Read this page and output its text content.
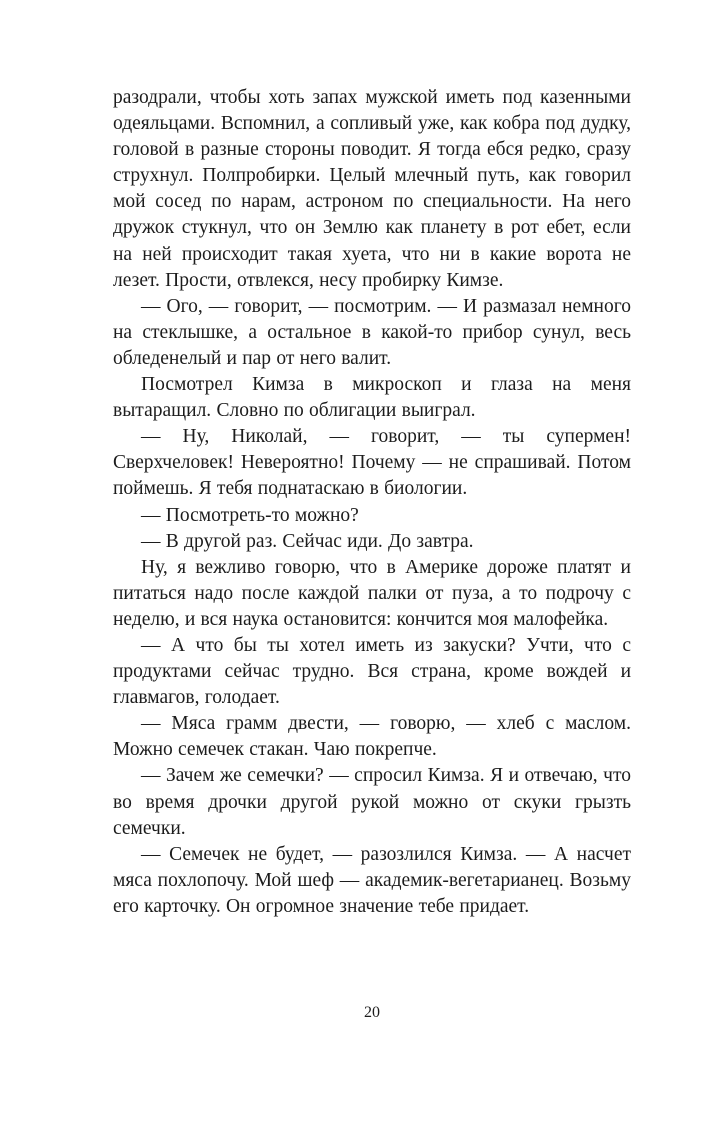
разодрали, чтобы хоть запах мужской иметь под казенными одеяльцами. Вспомнил, а сопливый уже, как кобра под дудку, головой в разные стороны поводит. Я тогда ебся редко, сразу струхнул. Полпробирки. Целый млечный путь, как говорил мой сосед по нарам, астроном по специальности. На него дружок стукнул, что он Землю как планету в рот ебет, если на ней происходит такая хуета, что ни в какие ворота не лезет. Прости, отвлекся, несу пробирку Кимзе.

— Ого, — говорит, — посмотрим. — И размазал немного на стеклышке, а остальное в какой-то прибор сунул, весь обледенелый и пар от него валит.

Посмотрел Кимза в микроскоп и глаза на меня вытаращил. Словно по облигации выиграл.

— Ну, Николай, — говорит, — ты супермен! Сверхчеловек! Невероятно! Почему — не спрашивай. Потом поймешь. Я тебя поднатаскаю в биологии.

— Посмотреть-то можно?

— В другой раз. Сейчас иди. До завтра.

Ну, я вежливо говорю, что в Америке дороже платят и питаться надо после каждой палки от пуза, а то подрочу с неделю, и вся наука остановится: кончится моя малофейка.

— А что бы ты хотел иметь из закуски? Учти, что с продуктами сейчас трудно. Вся страна, кроме вождей и главмагов, голодает.

— Мяса грамм двести, — говорю, — хлеб с маслом. Можно семечек стакан. Чаю покрепче.

— Зачем же семечки? — спросил Кимза. Я и отвечаю, что во время дрочки другой рукой можно от скуки грызть семечки.

— Семечек не будет, — разозлился Кимза. — А насчет мяса похлопочу. Мой шеф — академик-вегетарианец. Возьму его карточку. Он огромное значение тебе придает.

20
